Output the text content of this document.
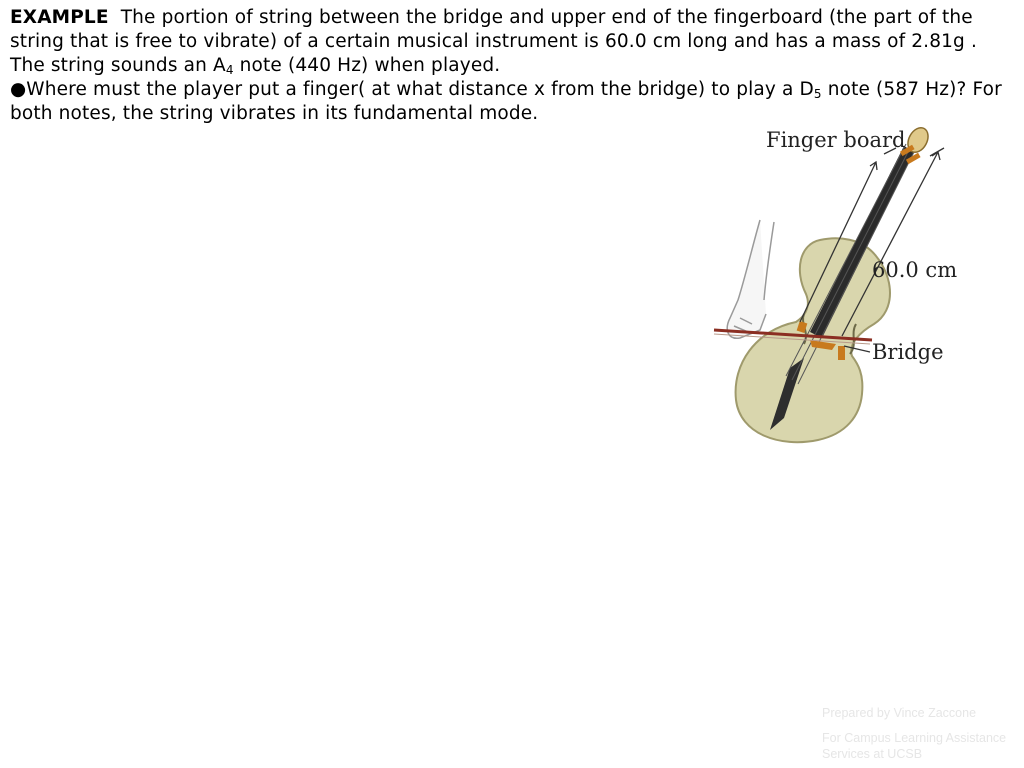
EXAMPLE The portion of string between the bridge and upper end of the fingerboard (the part of the string that is free to vibrate) of a certain musical instrument is 60.0 cm long and has a mass of 2.81g . The string sounds an $A_4$ note (440 Hz) when played.

●Where must the player put a finger( at what distance x from the bridge) to play a $D_5$ note (587 Hz)? For both notes, the string vibrates in its fundamental mode.

Finger board
60.0 cm
Bridge
Prepared by Vince Zaccone
For Campus Learning Assistance Services at UCSB
